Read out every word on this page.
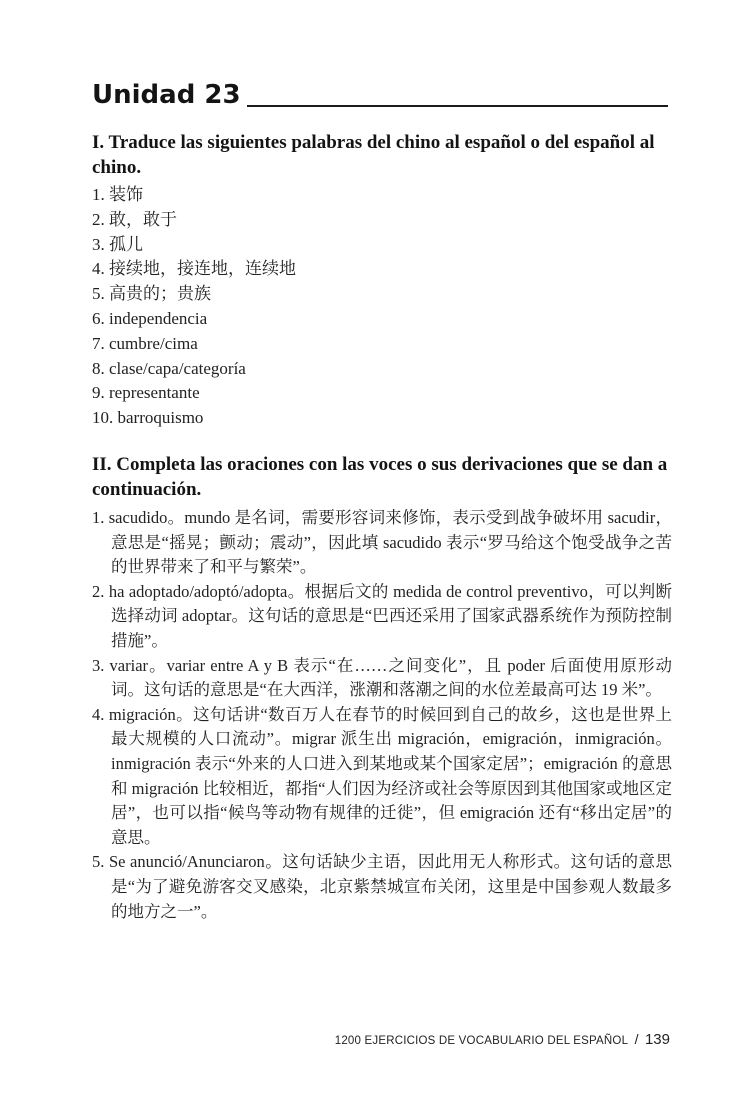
Unidad 23
I. Traduce las siguientes palabras del chino al español o del español al chino.
1. 装饰
2. 敢，敢于
3. 孤儿
4. 接续地，接连地，连续地
5. 高贵的；贵族
6. independencia
7. cumbre/cima
8. clase/capa/categoría
9. representante
10. barroquismo
II. Completa las oraciones con las voces o sus derivaciones que se dan a continuación.
1. sacudido。mundo 是名词，需要形容词来修饰，表示受到战争破坏用 sacudir，意思是“摇晃；颤动；震动”，因此填 sacudido 表示“罗马给这个饱受战争之苦的世界带来了和平与繁荣”。
2. ha adoptado/adoptó/adopta。根据后文的 medida de control preventivo，可以判断选择动词 adoptar。这句话的意思是“巴西还采用了国家武器系统作为预防控制措施”。
3. variar。variar entre A y B 表示“在……之间变化”，且 poder 后面使用原形动词。这句话的意思是“在大西洋，涨潮和落潮之间的水位差最高可达 19 米”。
4. migración。这句话讲“数百万人在春节的时候回到自己的故乡，这也是世界上最大规模的人口流动”。migrar 派生出 migración，emigración，inmigración。inmigración 表示“外来的人口进入到某地或某个国家定居”；emigración 的意思和 migración 比较相近，都指“人们因为经济或社会等原因到其他国家或地区定居”，也可以指“候鸟等动物有规律的迁徙”，但 emigración 还有“移出定居”的意思。
5. Se anunció/Anunciaron。这句话缺少主语，因此用无人称形式。这句话的意思是“为了避免游客交叉感染，北京紫禁城宣布关闭，这里是中国参观人数最多的地方之一”。
1200 EJERCICIOS DE VOCABULARIO DEL ESPAÑOL / 139
